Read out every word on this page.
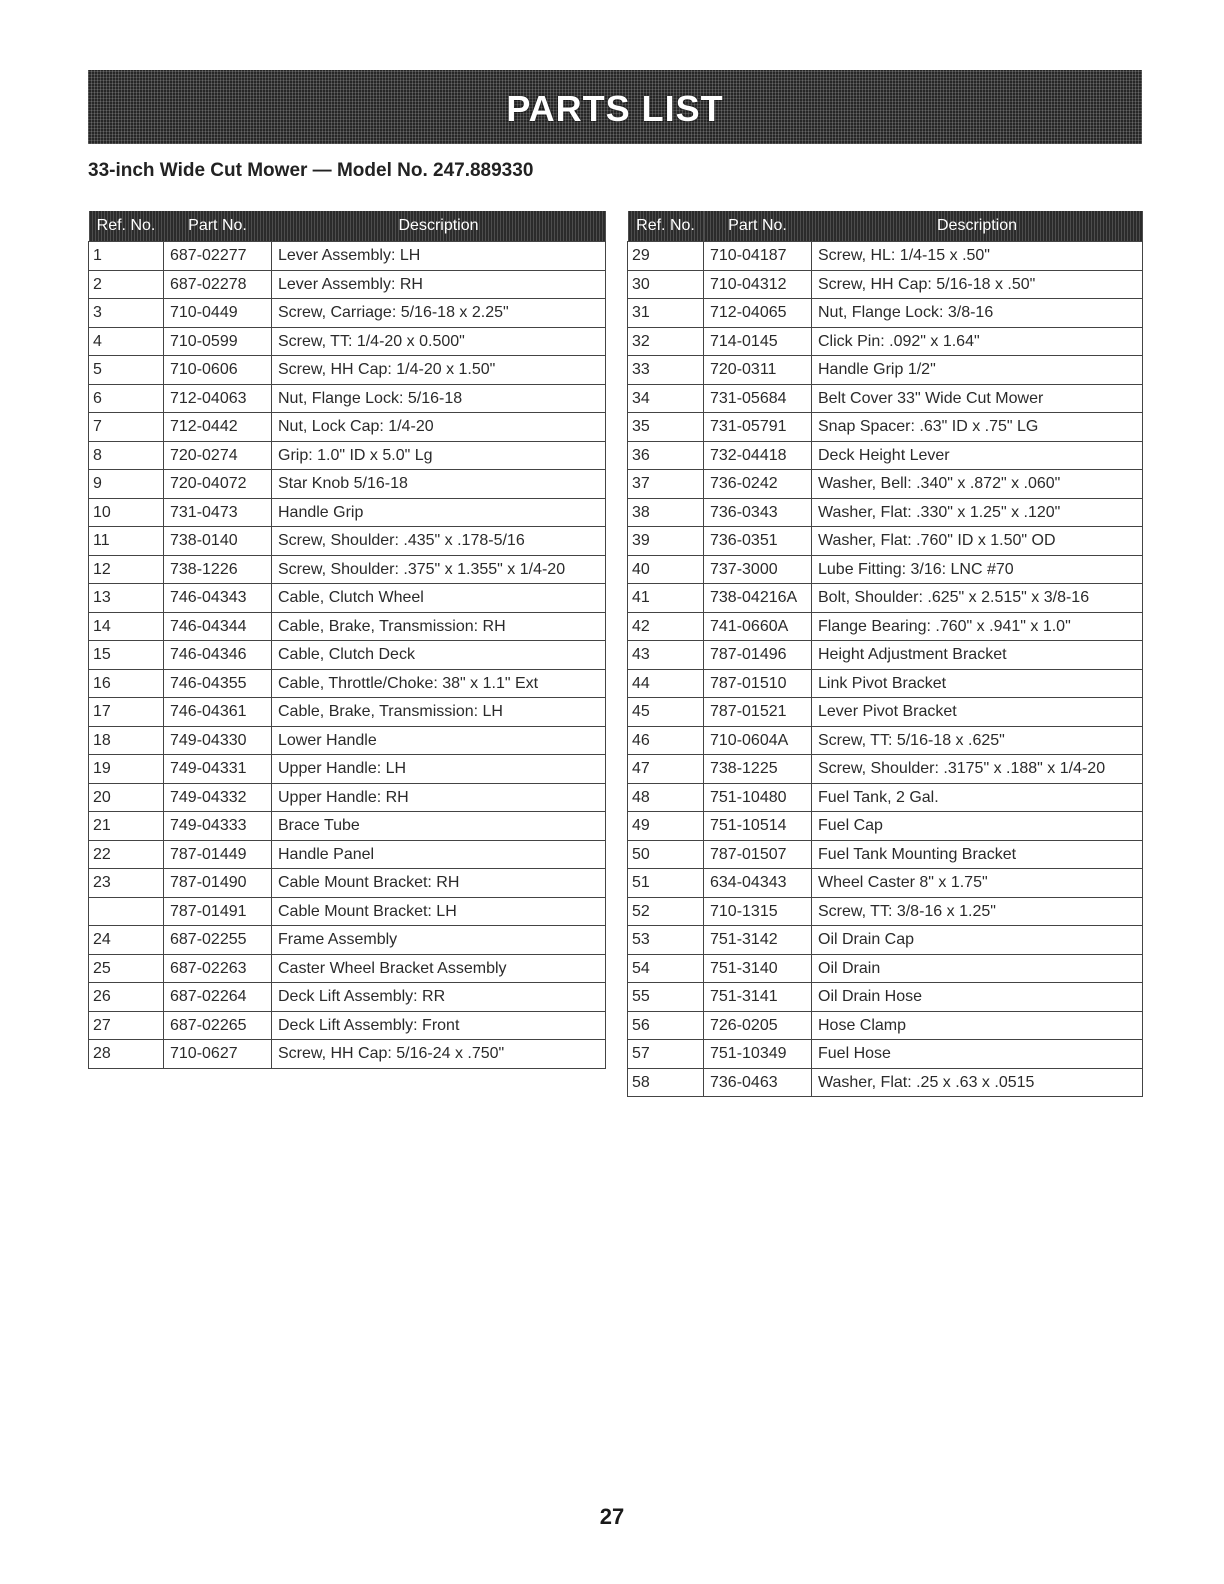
PARTS LIST
33-inch Wide Cut Mower — Model No. 247.889330
Ref. No.	Part No.	Description
1	687-02277	Lever Assembly: LH
2	687-02278	Lever Assembly: RH
3	710-0449	Screw, Carriage: 5/16-18 x 2.25"
4	710-0599	Screw, TT: 1/4-20 x 0.500"
5	710-0606	Screw, HH Cap: 1/4-20 x 1.50"
6	712-04063	Nut, Flange Lock: 5/16-18
7	712-0442	Nut, Lock Cap: 1/4-20
8	720-0274	Grip: 1.0" ID x 5.0" Lg
9	720-04072	Star Knob 5/16-18
10	731-0473	Handle Grip
11	738-0140	Screw, Shoulder: .435" x .178-5/16
12	738-1226	Screw, Shoulder: .375" x 1.355" x 1/4-20
13	746-04343	Cable, Clutch Wheel
14	746-04344	Cable, Brake, Transmission: RH
15	746-04346	Cable, Clutch Deck
16	746-04355	Cable, Throttle/Choke: 38" x 1.1" Ext
17	746-04361	Cable, Brake, Transmission: LH
18	749-04330	Lower Handle
19	749-04331	Upper Handle: LH
20	749-04332	Upper Handle: RH
21	749-04333	Brace Tube
22	787-01449	Handle Panel
23	787-01490	Cable Mount Bracket: RH
	787-01491	Cable Mount Bracket: LH
24	687-02255	Frame Assembly
25	687-02263	Caster Wheel Bracket Assembly
26	687-02264	Deck Lift Assembly: RR
27	687-02265	Deck Lift Assembly: Front
28	710-0627	Screw, HH Cap: 5/16-24 x .750"
Ref. No.	Part No.	Description
29	710-04187	Screw, HL: 1/4-15 x .50"
30	710-04312	Screw, HH Cap: 5/16-18 x .50"
31	712-04065	Nut, Flange Lock: 3/8-16
32	714-0145	Click Pin: .092" x 1.64"
33	720-0311	Handle Grip 1/2"
34	731-05684	Belt Cover 33" Wide Cut Mower
35	731-05791	Snap Spacer: .63" ID x .75" LG
36	732-04418	Deck Height Lever
37	736-0242	Washer, Bell: .340" x .872" x .060"
38	736-0343	Washer, Flat: .330" x 1.25" x .120"
39	736-0351	Washer, Flat: .760" ID x 1.50" OD
40	737-3000	Lube Fitting: 3/16: LNC #70
41	738-04216A	Bolt, Shoulder: .625" x 2.515" x 3/8-16
42	741-0660A	Flange Bearing: .760" x .941" x 1.0"
43	787-01496	Height Adjustment Bracket
44	787-01510	Link Pivot Bracket
45	787-01521	Lever Pivot Bracket
46	710-0604A	Screw, TT: 5/16-18 x .625"
47	738-1225	Screw, Shoulder: .3175" x .188" x 1/4-20
48	751-10480	Fuel Tank, 2 Gal.
49	751-10514	Fuel Cap
50	787-01507	Fuel Tank Mounting Bracket
51	634-04343	Wheel Caster 8" x 1.75"
52	710-1315	Screw, TT: 3/8-16 x 1.25"
53	751-3142	Oil Drain Cap
54	751-3140	Oil Drain
55	751-3141	Oil Drain Hose
56	726-0205	Hose Clamp
57	751-10349	Fuel Hose
58	736-0463	Washer, Flat: .25 x .63 x .0515
27
